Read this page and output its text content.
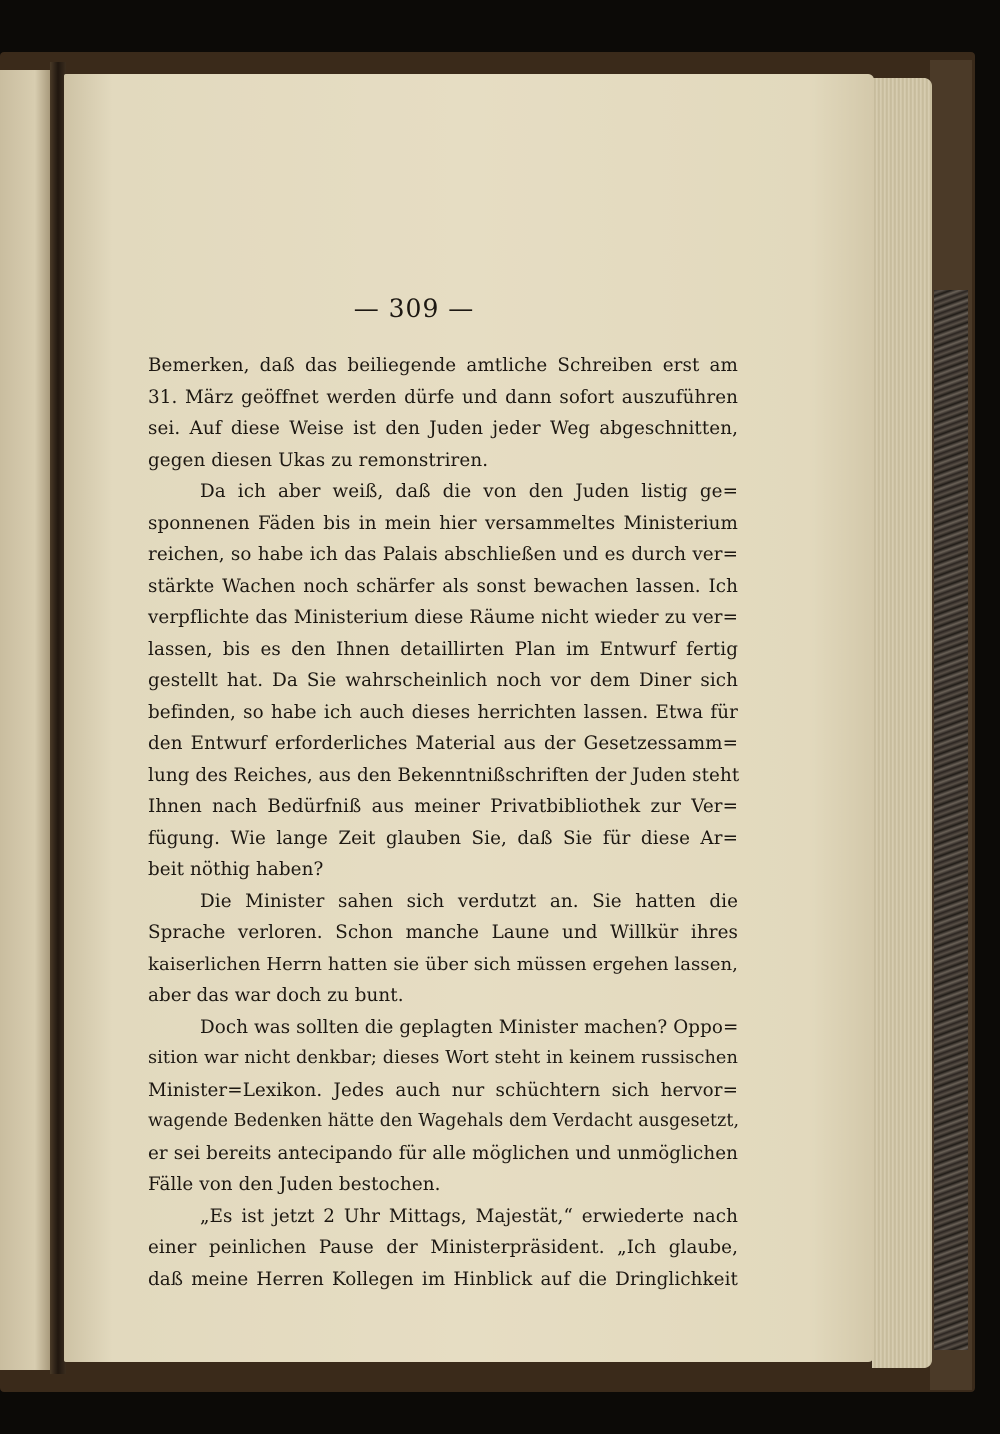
— 309 —
Bemerken, daß das beiliegende amtliche Schreiben erst am
31. März geöffnet werden dürfe und dann sofort auszuführen
sei. Auf diese Weise ist den Juden jeder Weg abgeschnitten,
gegen diesen Ukas zu remonstriren.
Da ich aber weiß, daß die von den Juden listig ge=
sponnenen Fäden bis in mein hier versammeltes Ministerium
reichen, so habe ich das Palais abschließen und es durch ver=
stärkte Wachen noch schärfer als sonst bewachen lassen. Ich
verpflichte das Ministerium diese Räume nicht wieder zu ver=
lassen, bis es den Ihnen detaillirten Plan im Entwurf fertig
gestellt hat. Da Sie wahrscheinlich noch vor dem Diner sich
befinden, so habe ich auch dieses herrichten lassen. Etwa für
den Entwurf erforderliches Material aus der Gesetzessamm=
lung des Reiches, aus den Bekenntnißschriften der Juden steht
Ihnen nach Bedürfniß aus meiner Privatbibliothek zur Ver=
fügung. Wie lange Zeit glauben Sie, daß Sie für diese Ar=
beit nöthig haben?
Die Minister sahen sich verdutzt an. Sie hatten die
Sprache verloren. Schon manche Laune und Willkür ihres
kaiserlichen Herrn hatten sie über sich müssen ergehen lassen,
aber das war doch zu bunt.
Doch was sollten die geplagten Minister machen? Oppo=
sition war nicht denkbar; dieses Wort steht in keinem russischen
Minister=Lexikon. Jedes auch nur schüchtern sich hervor=
wagende Bedenken hätte den Wagehals dem Verdacht ausgesetzt,
er sei bereits antecipando für alle möglichen und unmöglichen
Fälle von den Juden bestochen.
„Es ist jetzt 2 Uhr Mittags, Majestät,“ erwiederte nach
einer peinlichen Pause der Ministerpräsident. „Ich glaube,
daß meine Herren Kollegen im Hinblick auf die Dringlichkeit
